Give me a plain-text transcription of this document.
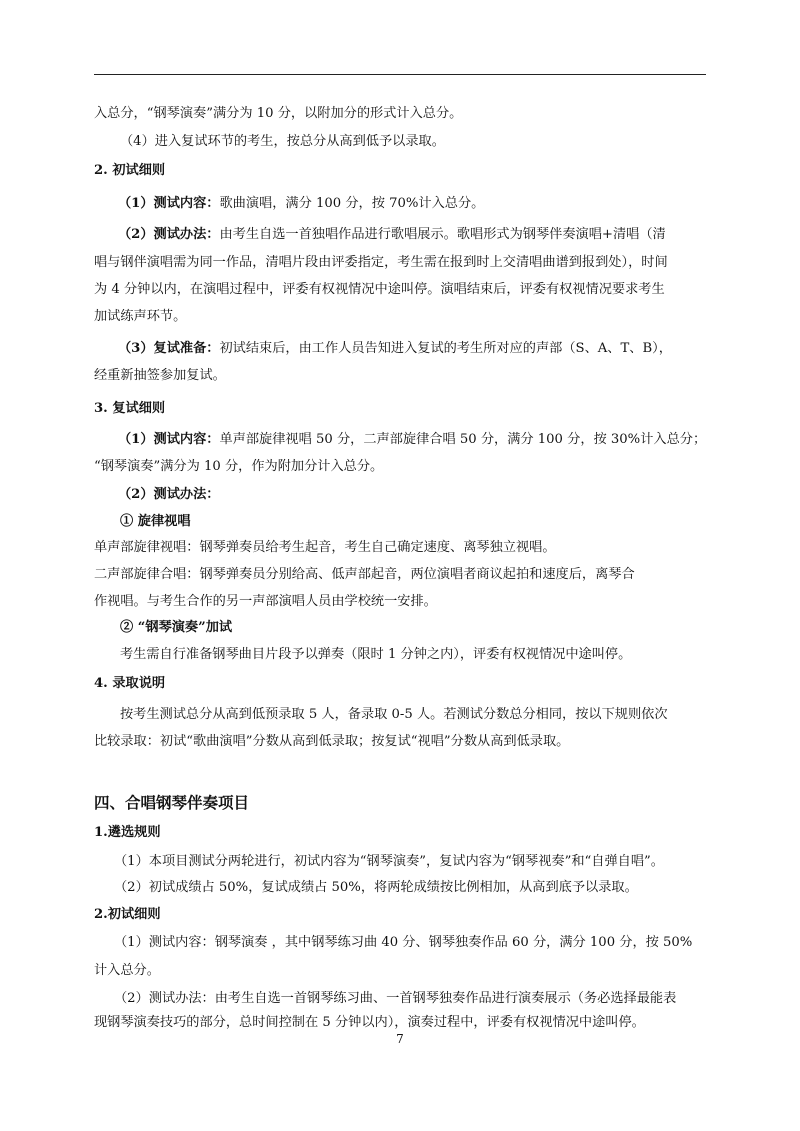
入总分，“钢琴演奏”满分为 10 分，以附加分的形式计入总分。
（4）进入复试环节的考生，按总分从高到低予以录取。
2. 初试细则
（1）测试内容：歌曲演唱，满分 100 分，按 70%计入总分。
（2）测试办法：由考生自选一首独唱作品进行歌唱展示。歌唱形式为钢琴伴奏演唱+清唱（清
唱与钢伴演唱需为同一作品，清唱片段由评委指定，考生需在报到时上交清唱曲谱到报到处），时间
为 4 分钟以内，在演唱过程中，评委有权视情况中途叫停。演唱结束后，评委有权视情况要求考生
加试练声环节。
（3）复试准备：初试结束后，由工作人员告知进入复试的考生所对应的声部（S、A、T、B），
经重新抽签参加复试。
3. 复试细则
（1）测试内容：单声部旋律视唱 50 分，二声部旋律合唱 50 分，满分 100 分，按 30%计入总分；
“钢琴演奏”满分为 10 分，作为附加分计入总分。
（2）测试办法：
① 旋律视唱
单声部旋律视唱：钢琴弹奏员给考生起音，考生自己确定速度、离琴独立视唱。
二声部旋律合唱：钢琴弹奏员分别给高、低声部起音，两位演唱者商议起拍和速度后，离琴合
作视唱。与考生合作的另一声部演唱人员由学校统一安排。
② “钢琴演奏”加试
考生需自行准备钢琴曲目片段予以弹奏（限时 1 分钟之内），评委有权视情况中途叫停。
4. 录取说明
按考生测试总分从高到低预录取 5 人，备录取 0-5 人。若测试分数总分相同，按以下规则依次
比较录取：初试“歌曲演唱”分数从高到低录取；按复试“视唱”分数从高到低录取。
四、合唱钢琴伴奏项目
1.遴选规则
（1）本项目测试分两轮进行，初试内容为“钢琴演奏”，复试内容为“钢琴视奏”和“自弹自唱”。
（2）初试成绩占 50%，复试成绩占 50%，将两轮成绩按比例相加，从高到底予以录取。
2.初试细则
（1）测试内容：钢琴演奏 ，其中钢琴练习曲 40 分、钢琴独奏作品 60 分，满分 100 分，按 50%
计入总分。
（2）测试办法：由考生自选一首钢琴练习曲、一首钢琴独奏作品进行演奏展示（务必选择最能表
现钢琴演奏技巧的部分，总时间控制在 5 分钟以内），演奏过程中，评委有权视情况中途叫停。
7
